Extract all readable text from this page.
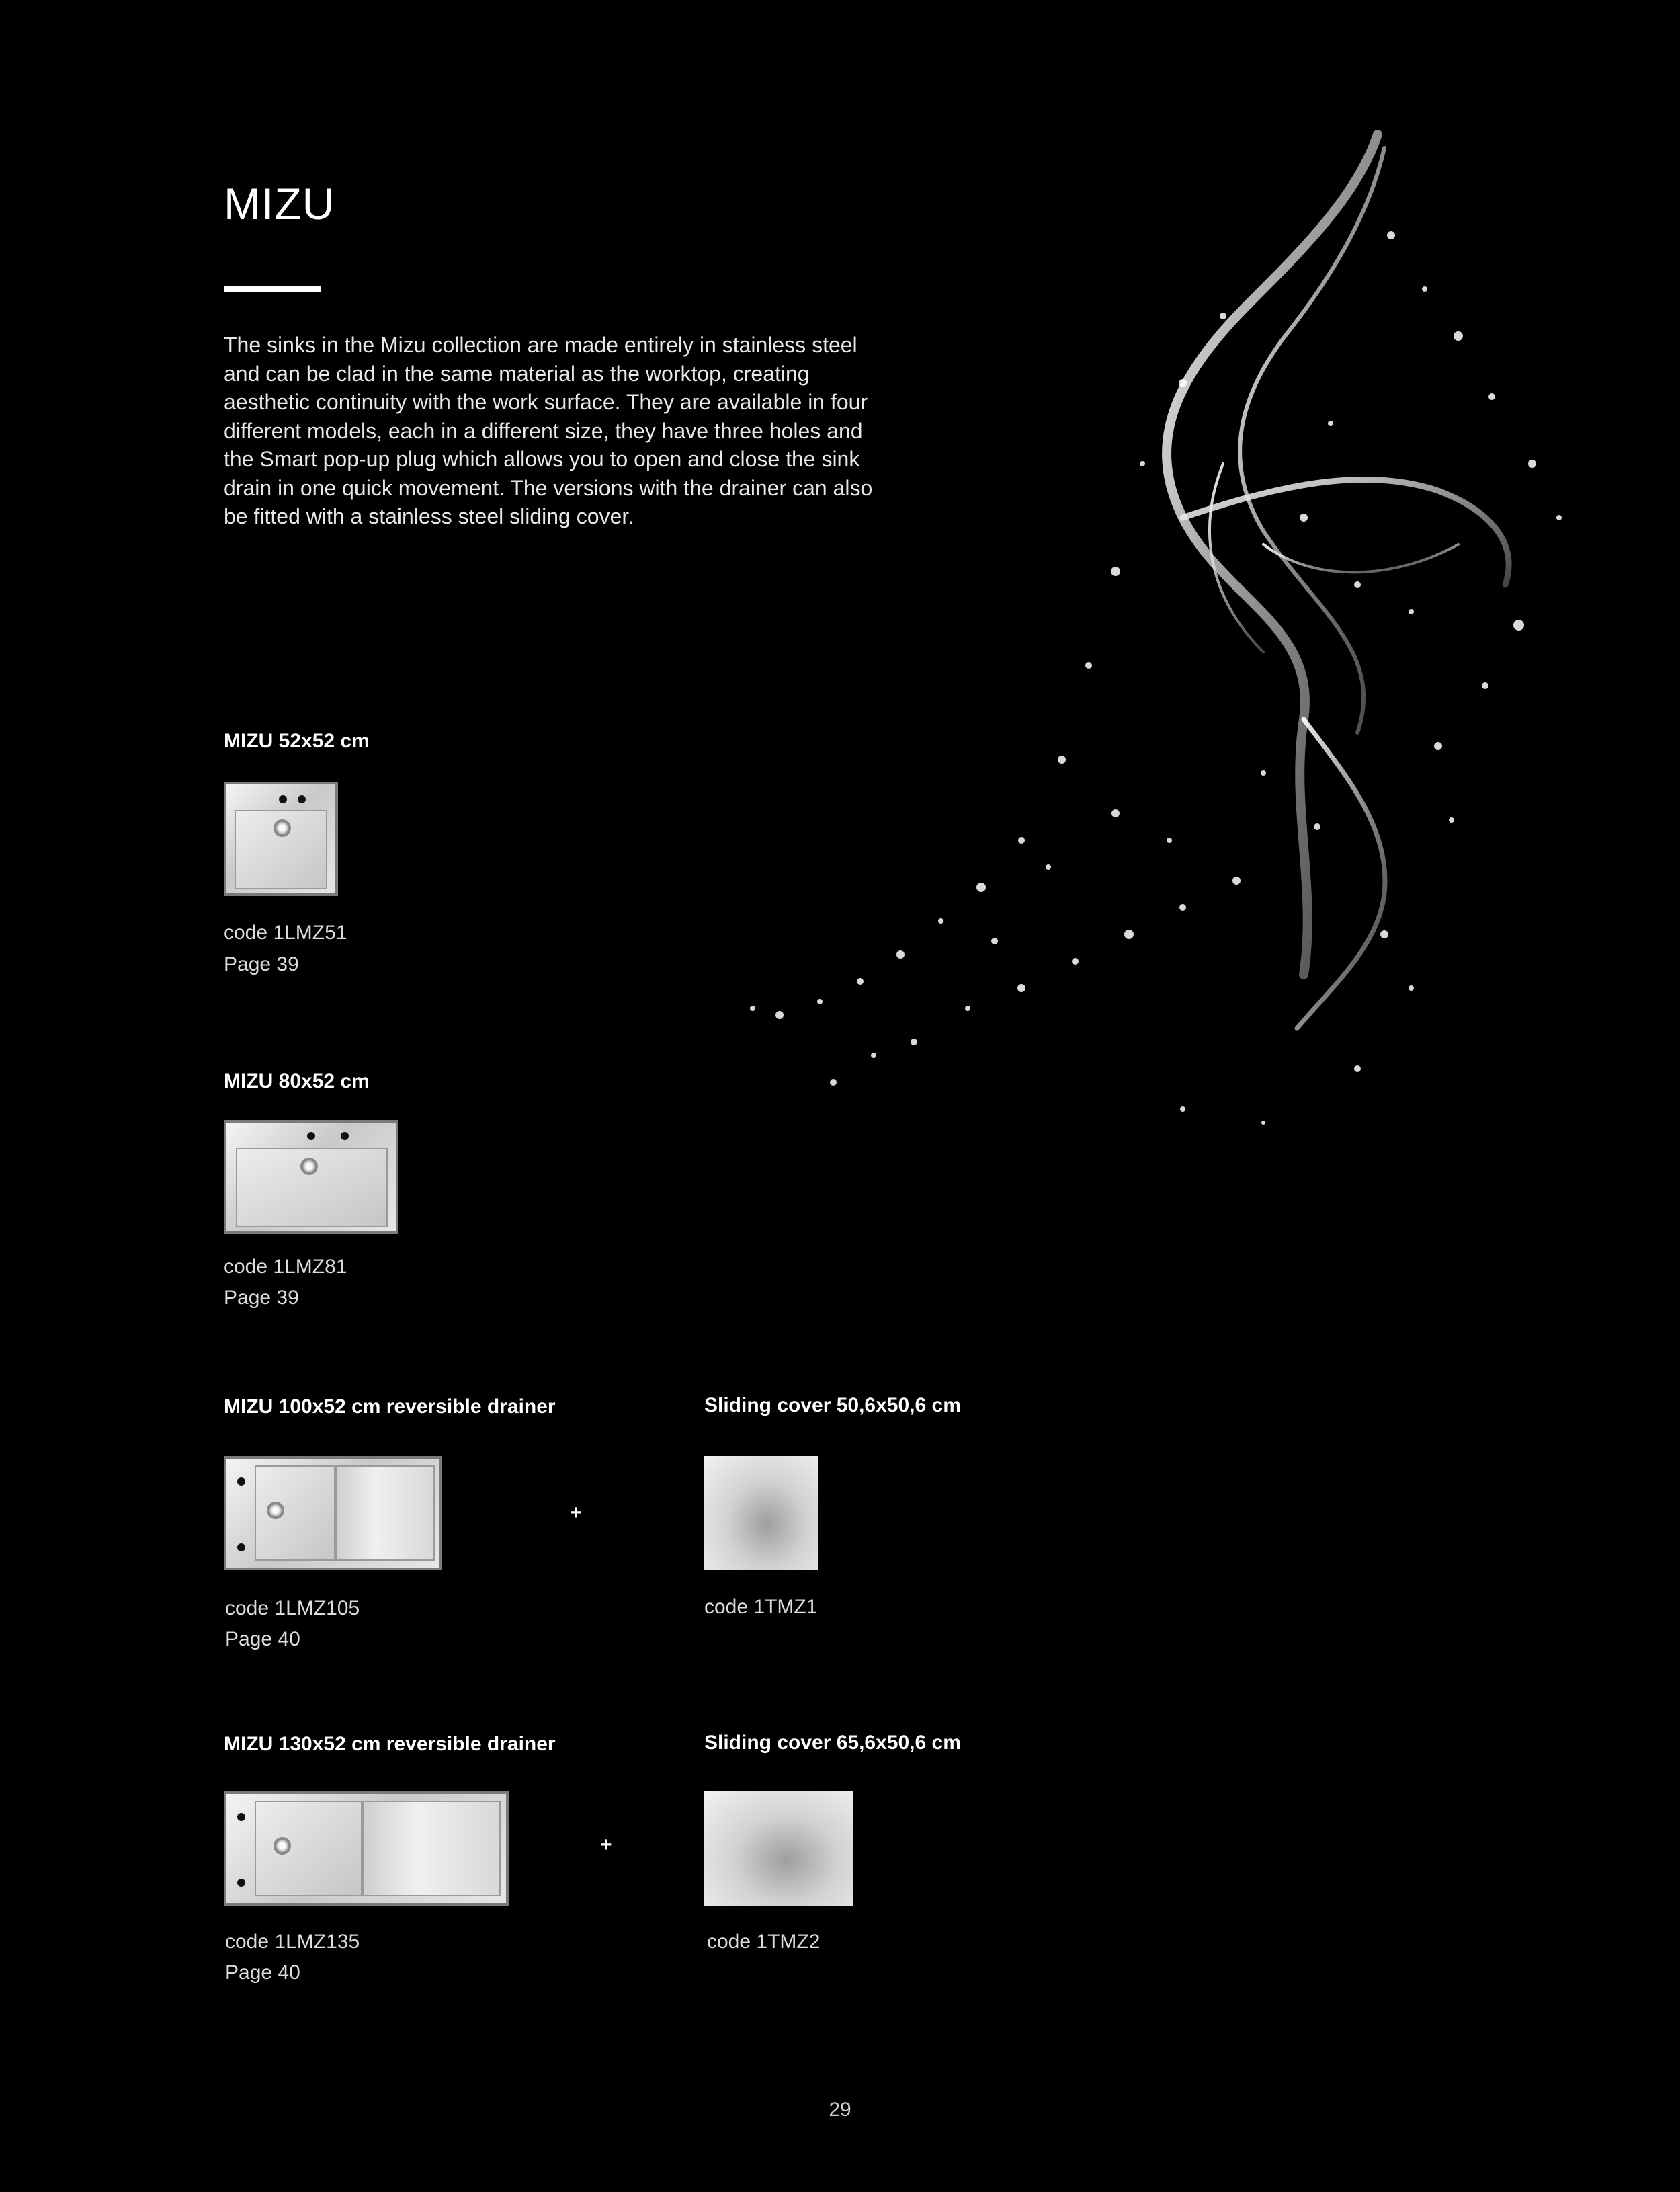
MIZU

The sinks in the Mizu collection are made entirely in stainless steel and can be clad in the same material as the worktop, creating aesthetic continuity with the work surface. They are available in four different models, each in a different size, they have three holes and the Smart pop-up plug which allows you to open and close the sink drain in one quick movement. The versions with the drainer can also be fitted with a stainless steel sliding cover.

MIZU 52x52 cm
code 1LMZ51
Page 39
MIZU 80x52 cm
code 1LMZ81
Page 39
MIZU 100x52 cm reversible drainer
+
Sliding cover 50,6x50,6 cm
code 1TMZ1
code 1LMZ105
Page 40
MIZU 130x52 cm reversible drainer
+
Sliding cover 65,6x50,6 cm
code 1TMZ2
code 1LMZ135
Page 40
29
